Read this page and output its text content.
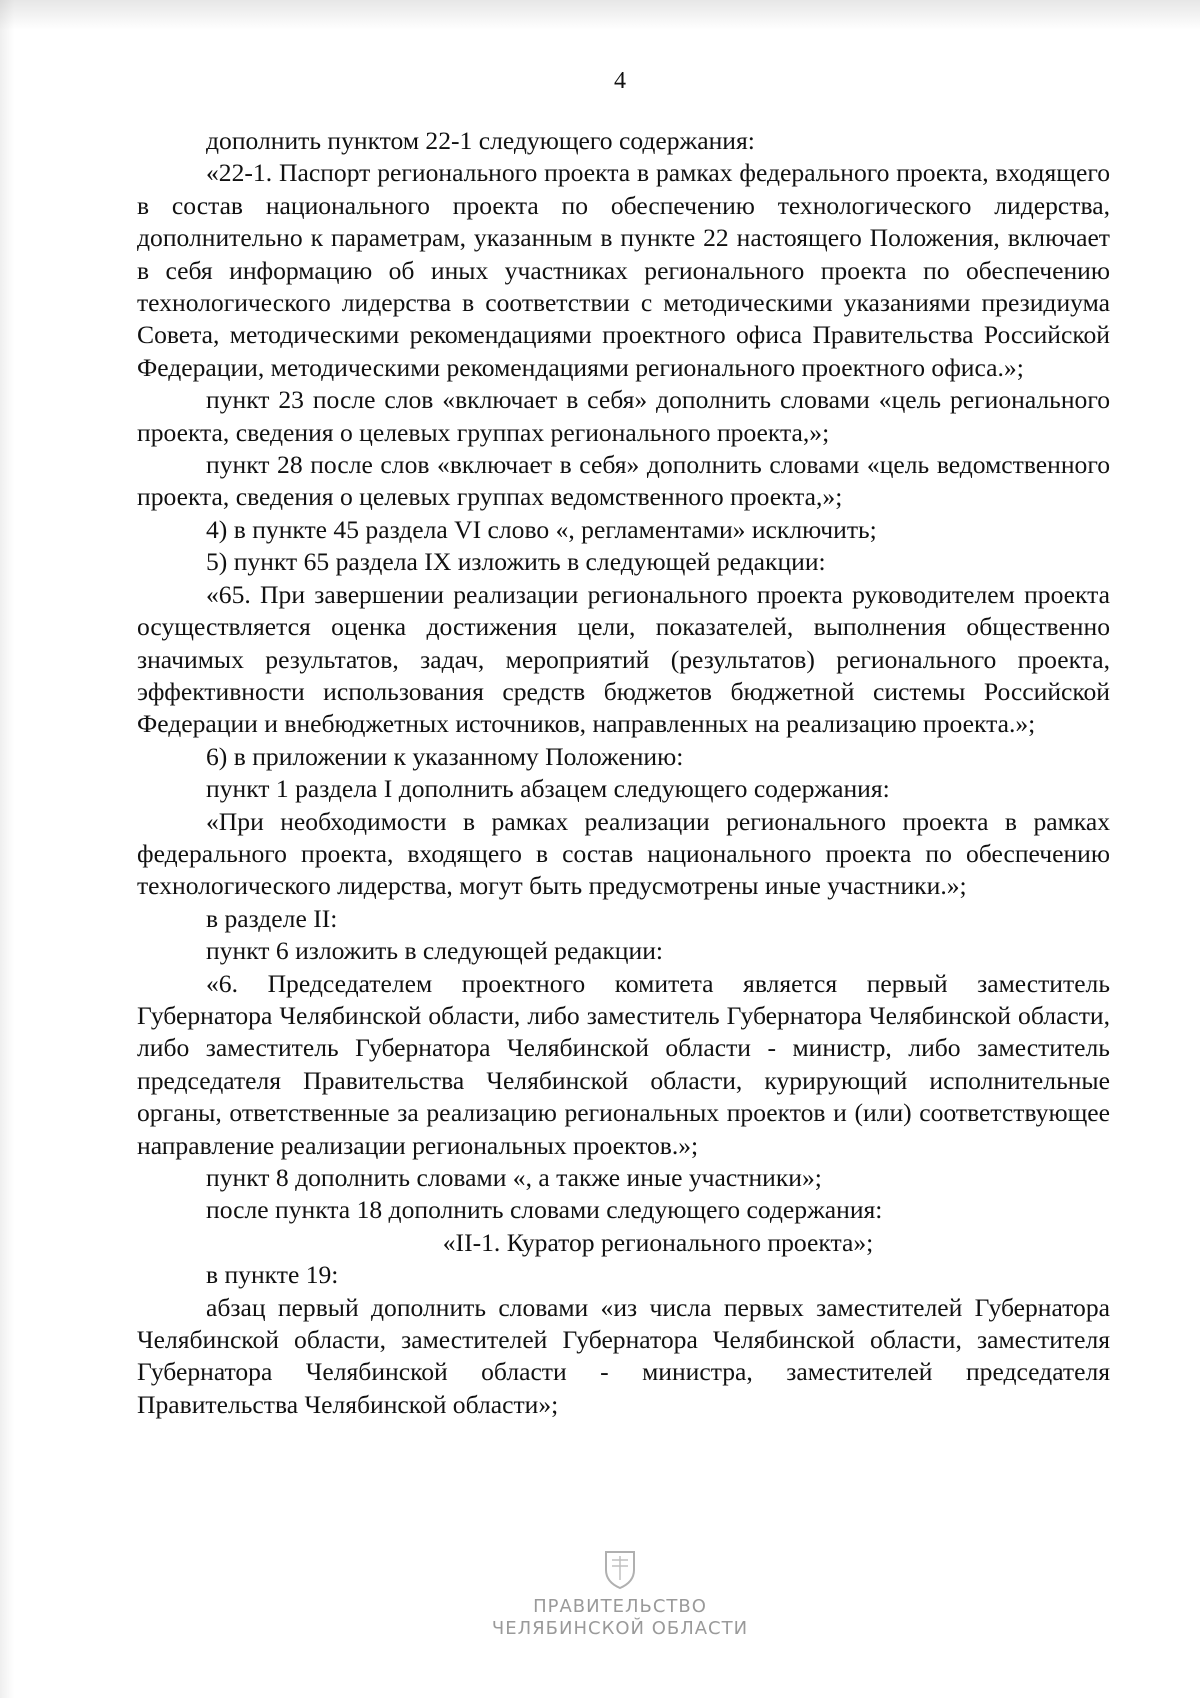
4

дополнить пунктом 22-1 следующего содержания:

«22-1. Паспорт регионального проекта в рамках федерального проекта, входящего в состав национального проекта по обеспечению технологического лидерства, дополнительно к параметрам, указанным в пункте 22 настоящего Положения, включает в себя информацию об иных участниках регионального проекта по обеспечению технологического лидерства в соответствии с методическими указаниями президиума Совета, методическими рекомендациями проектного офиса Правительства Российской Федерации, методическими рекомендациями регионального проектного офиса.»;

пункт 23 после слов «включает в себя» дополнить словами «цель регионального проекта, сведения о целевых группах регионального проекта,»;

пункт 28 после слов «включает в себя» дополнить словами «цель ведомственного проекта, сведения о целевых группах ведомственного проекта,»;

4) в пункте 45 раздела VI слово «, регламентами» исключить;

5) пункт 65 раздела IX изложить в следующей редакции:

«65. При завершении реализации регионального проекта руководителем проекта осуществляется оценка достижения цели, показателей, выполнения общественно значимых результатов, задач, мероприятий (результатов) регионального проекта, эффективности использования средств бюджетов бюджетной системы Российской Федерации и внебюджетных источников, направленных на реализацию проекта.»;

6) в приложении к указанному Положению:

пункт 1 раздела I дополнить абзацем следующего содержания:

«При необходимости в рамках реализации регионального проекта в рамках федерального проекта, входящего в состав национального проекта по обеспечению технологического лидерства, могут быть предусмотрены иные участники.»;

в разделе II:

пункт 6 изложить в следующей редакции:

«6. Председателем проектного комитета является первый заместитель Губернатора Челябинской области, либо заместитель Губернатора Челябинской области, либо заместитель Губернатора Челябинской области - министр, либо заместитель председателя Правительства Челябинской области, курирующий исполнительные органы, ответственные за реализацию региональных проектов и (или) соответствующее направление реализации региональных проектов.»;

пункт 8 дополнить словами «, а также иные участники»;

после пункта 18 дополнить словами следующего содержания:

«II-1. Куратор регионального проекта»;

в пункте 19:

абзац первый дополнить словами «из числа первых заместителей Губернатора Челябинской области, заместителей Губернатора Челябинской области, заместителя Губернатора Челябинской области - министра, заместителей председателя Правительства Челябинской области»;

ПРАВИТЕЛЬСТВО
ЧЕЛЯБИНСКОЙ ОБЛАСТИ
